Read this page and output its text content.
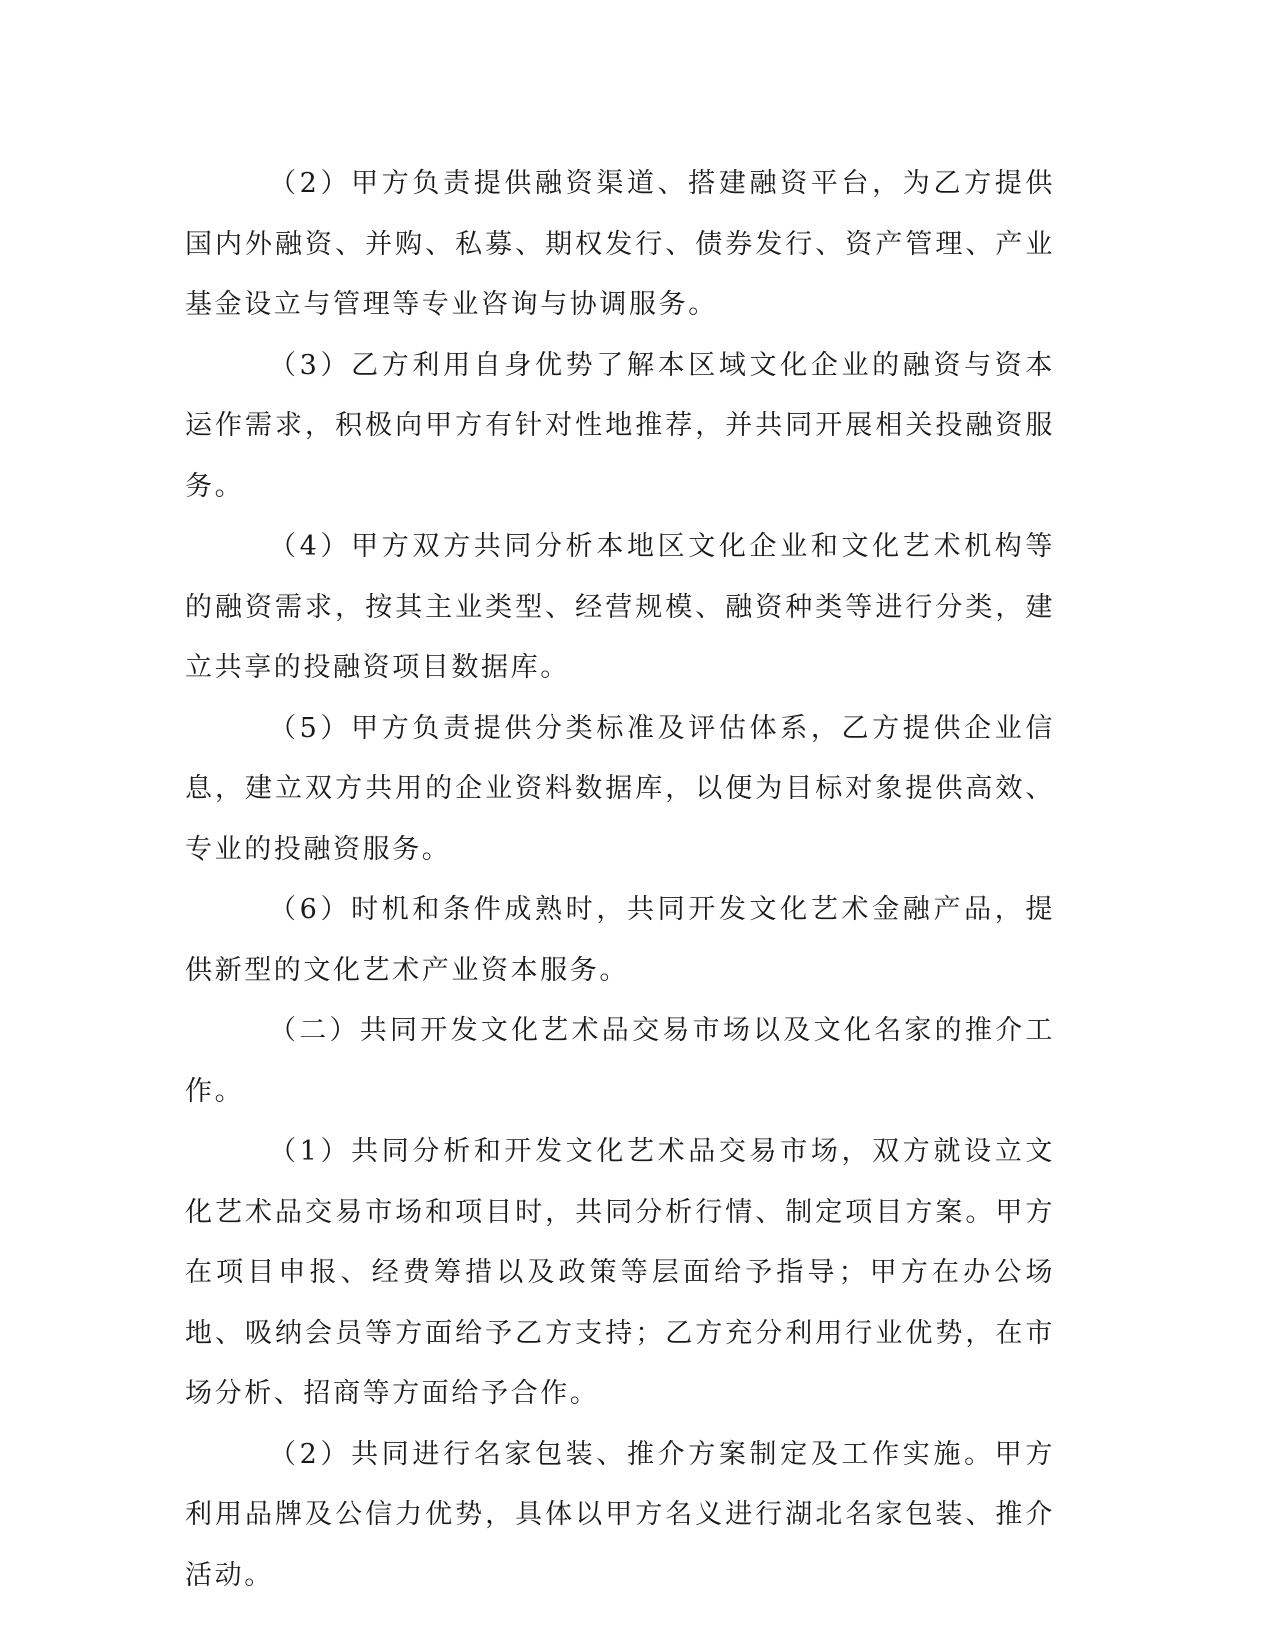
（2）甲方负责提供融资渠道、搭建融资平台，为乙方提供国内外融资、并购、私募、期权发行、债券发行、资产管理、产业基金设立与管理等专业咨询与协调服务。

（3）乙方利用自身优势了解本区域文化企业的融资与资本运作需求，积极向甲方有针对性地推荐，并共同开展相关投融资服务。

（4）甲方双方共同分析本地区文化企业和文化艺术机构等的融资需求，按其主业类型、经营规模、融资种类等进行分类，建立共享的投融资项目数据库。

（5）甲方负责提供分类标准及评估体系，乙方提供企业信息，建立双方共用的企业资料数据库，以便为目标对象提供高效、专业的投融资服务。

（6）时机和条件成熟时，共同开发文化艺术金融产品，提供新型的文化艺术产业资本服务。

（二）共同开发文化艺术品交易市场以及文化名家的推介工作。

（1）共同分析和开发文化艺术品交易市场，双方就设立文化艺术品交易市场和项目时，共同分析行情、制定项目方案。甲方在项目申报、经费筹措以及政策等层面给予指导；甲方在办公场地、吸纳会员等方面给予乙方支持；乙方充分利用行业优势，在市场分析、招商等方面给予合作。

（2）共同进行名家包装、推介方案制定及工作实施。甲方利用品牌及公信力优势，具体以甲方名义进行湖北名家包装、推介活动。
